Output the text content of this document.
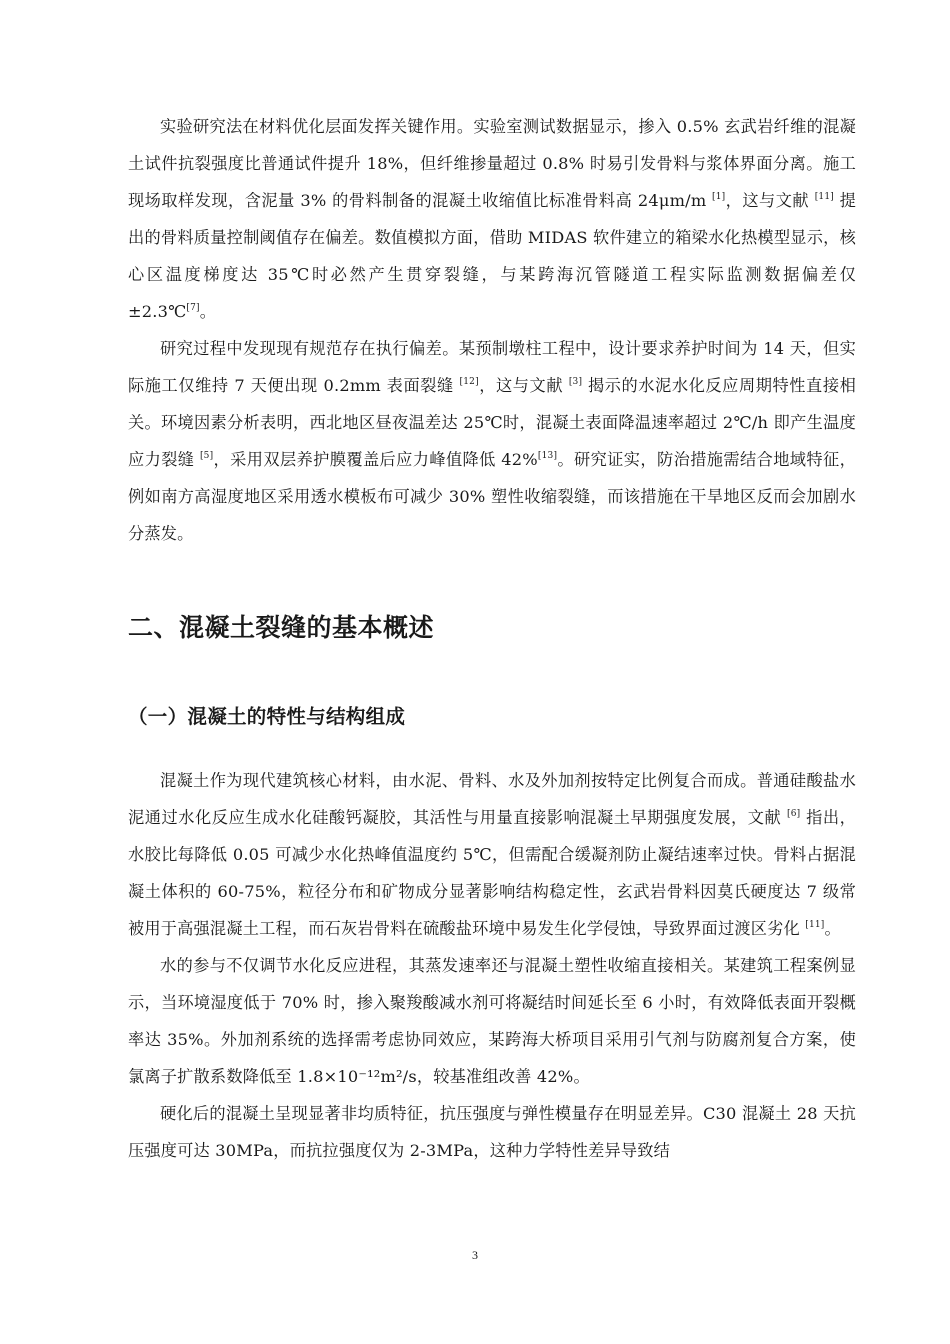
实验研究法在材料优化层面发挥关键作用。实验室测试数据显示，掺入 0.5% 玄武岩纤维的混凝土试件抗裂强度比普通试件提升 18%，但纤维掺量超过 0.8% 时易引发骨料与浆体界面分离。施工现场取样发现，含泥量 3% 的骨料制备的混凝土收缩值比标准骨料高 24μm/m [1]，这与文献 [11] 提出的骨料质量控制阈值存在偏差。数值模拟方面，借助 MIDAS 软件建立的箱梁水化热模型显示，核心区温度梯度达 35℃时必然产生贯穿裂缝，与某跨海沉管隧道工程实际监测数据偏差仅 ±2.3℃[7]。

研究过程中发现现有规范存在执行偏差。某预制墩柱工程中，设计要求养护时间为 14 天，但实际施工仅维持 7 天便出现 0.2mm 表面裂缝 [12]，这与文献 [3] 揭示的水泥水化反应周期特性直接相关。环境因素分析表明，西北地区昼夜温差达 25℃时，混凝土表面降温速率超过 2℃/h 即产生温度应力裂缝 [5]，采用双层养护膜覆盖后应力峰值降低 42%[13]。研究证实，防治措施需结合地域特征，例如南方高湿度地区采用透水模板布可减少 30% 塑性收缩裂缝，而该措施在干旱地区反而会加剧水分蒸发。

二、混凝土裂缝的基本概述
（一）混凝土的特性与结构组成

混凝土作为现代建筑核心材料，由水泥、骨料、水及外加剂按特定比例复合而成。普通硅酸盐水泥通过水化反应生成水化硅酸钙凝胶，其活性与用量直接影响混凝土早期强度发展，文献 [6] 指出，水胶比每降低 0.05 可减少水化热峰值温度约 5℃，但需配合缓凝剂防止凝结速率过快。骨料占据混凝土体积的 60-75%，粒径分布和矿物成分显著影响结构稳定性，玄武岩骨料因莫氏硬度达 7 级常被用于高强混凝土工程，而石灰岩骨料在硫酸盐环境中易发生化学侵蚀，导致界面过渡区劣化 [11]。

水的参与不仅调节水化反应进程，其蒸发速率还与混凝土塑性收缩直接相关。某建筑工程案例显示，当环境湿度低于 70% 时，掺入聚羧酸减水剂可将凝结时间延长至 6 小时，有效降低表面开裂概率达 35%。外加剂系统的选择需考虑协同效应，某跨海大桥项目采用引气剂与防腐剂复合方案，使氯离子扩散系数降低至 1.8×10⁻¹²m²/s，较基准组改善 42%。

硬化后的混凝土呈现显著非均质特征，抗压强度与弹性模量存在明显差异。C30 混凝土 28 天抗压强度可达 30MPa，而抗拉强度仅为 2-3MPa，这种力学特性差异导致结

3
